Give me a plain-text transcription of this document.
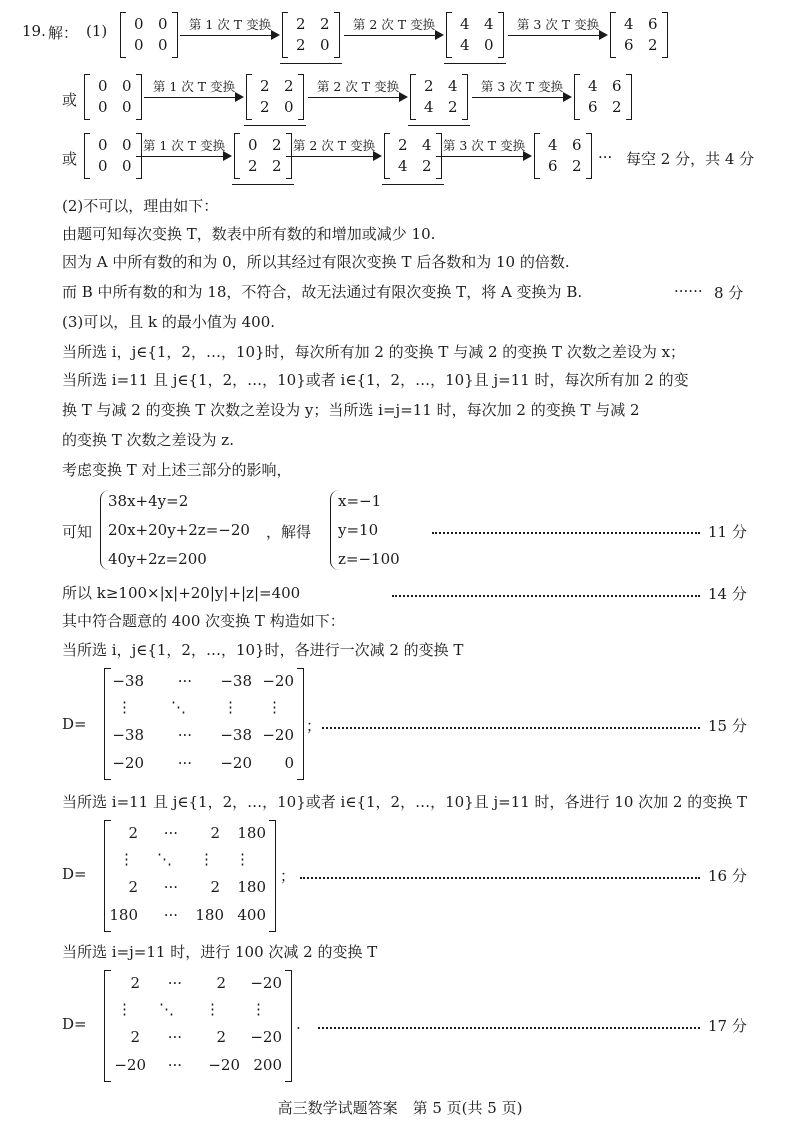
19. 解： (1)
或
或
0 0
0 0
第 1 次 T 变换	2 2
2 0
第 2 次 T 变换	4 4
4 0
第 3 次 T 变换	4 6
6 2
0 0
0 0
第 1 次 T 变换	2 2
2 0
第 2 次 T 变换	2 4
4 2
第 3 次 T 变换	4 6
6 2
0 0
0 0
第 1 次 T 变换	0 2
2 2
第 2 次 T 变换	2 4
4 2
第 3 次 T 变换	4 6
6 2 ··· 每空 2 分，共 4 分
(2)不可以，理由如下：
由题可知每次变换 T，数表中所有数的和增加或减少 10.
因为 A 中所有数的和为 0，所以其经过有限次变换 T 后各数和为 10 的倍数.
而 B 中所有数的和为 18，不符合，故无法通过有限次变换 T，将 A 变换为 B.	······ 8 分
(3)可以，且 k 的最小值为 400.
当所选 i，j∈{1，2，…，10}时，每次所有加 2 的变换 T 与减 2 的变换 T 次数之差设为 x；
当所选 i=11 且 j∈{1，2，…，10}或者 i∈{1，2，…，10}且 j=11 时，每次所有加 2 的变
换 T 与减 2 的变换 T 次数之差设为 y；当所选 i=j=11 时，每次加 2 的变换 T 与减 2
的变换 T 次数之差设为 z.
考虑变换 T 对上述三部分的影响，
可知
38x+4y=2
20x+20y+2z=−20
40y+2z=200
，解得
x=−1
y=10
z=−100
11 分
所以 k≥100×|x|+20|y|+|z|=400	14 分
其中符合题意的 400 次变换 T 构造如下：
当所选 i，j∈{1，2，…，10}时，各进行一次减 2 的变换 T
D=
−38 ··· −38 −20
⋮	⋱ ⋮ ⋮
−38 ··· −38 −20
−20 ··· −20 0
；	15 分
当所选 i=11 且 j∈{1，2，…，10}或者 i∈{1，2，…，10}且 j=11 时，各进行 10 次加 2 的变换 T
D=
2 ··· 2 180
⋮ ⋱ ⋮ ⋮
2 ··· 2 180
180 ··· 180 400
；	16 分
当所选 i=j=11 时，进行 100 次减 2 的变换 T
D=
2 ··· 2 −20
⋮ ⋱ ⋮ ⋮
2 ··· 2 −20
−20 ··· −20 200
.	17 分
高三数学试题答案　第 5 页(共 5 页)
